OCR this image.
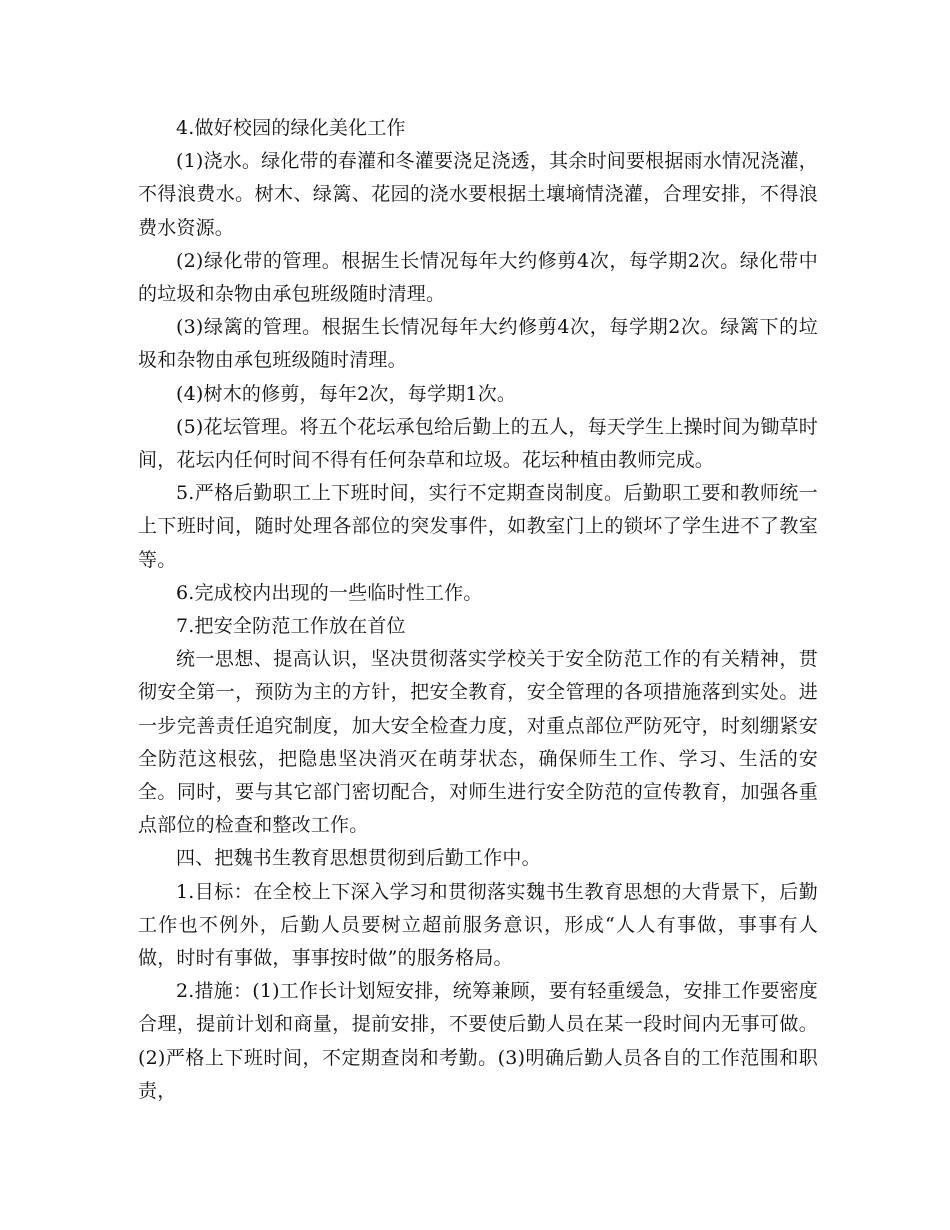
4.做好校园的绿化美化工作

(1)浇水。绿化带的春灌和冬灌要浇足浇透，其余时间要根据雨水情况浇灌，不得浪费水。树木、绿篱、花园的浇水要根据土壤墒情浇灌，合理安排，不得浪费水资源。

(2)绿化带的管理。根据生长情况每年大约修剪4次，每学期2次。绿化带中的垃圾和杂物由承包班级随时清理。

(3)绿篱的管理。根据生长情况每年大约修剪4次，每学期2次。绿篱下的垃圾和杂物由承包班级随时清理。

(4)树木的修剪，每年2次，每学期1次。

(5)花坛管理。将五个花坛承包给后勤上的五人，每天学生上操时间为锄草时间，花坛内任何时间不得有任何杂草和垃圾。花坛种植由教师完成。

5.严格后勤职工上下班时间，实行不定期查岗制度。后勤职工要和教师统一上下班时间，随时处理各部位的突发事件，如教室门上的锁坏了学生进不了教室等。

6.完成校内出现的一些临时性工作。

7.把安全防范工作放在首位

统一思想、提高认识，坚决贯彻落实学校关于安全防范工作的有关精神，贯彻安全第一，预防为主的方针，把安全教育，安全管理的各项措施落到实处。进一步完善责任追究制度，加大安全检查力度，对重点部位严防死守，时刻绷紧安全防范这根弦，把隐患坚决消灭在萌芽状态，确保师生工作、学习、生活的安全。同时，要与其它部门密切配合，对师生进行安全防范的宣传教育，加强各重点部位的检查和整改工作。

四、把魏书生教育思想贯彻到后勤工作中。

1.目标：在全校上下深入学习和贯彻落实魏书生教育思想的大背景下，后勤工作也不例外，后勤人员要树立超前服务意识，形成“人人有事做，事事有人做，时时有事做，事事按时做”的服务格局。

2.措施：(1)工作长计划短安排，统筹兼顾，要有轻重缓急，安排工作要密度合理，提前计划和商量，提前安排，不要使后勤人员在某一段时间内无事可做。(2)严格上下班时间，不定期查岗和考勤。(3)明确后勤人员各自的工作范围和职责，
